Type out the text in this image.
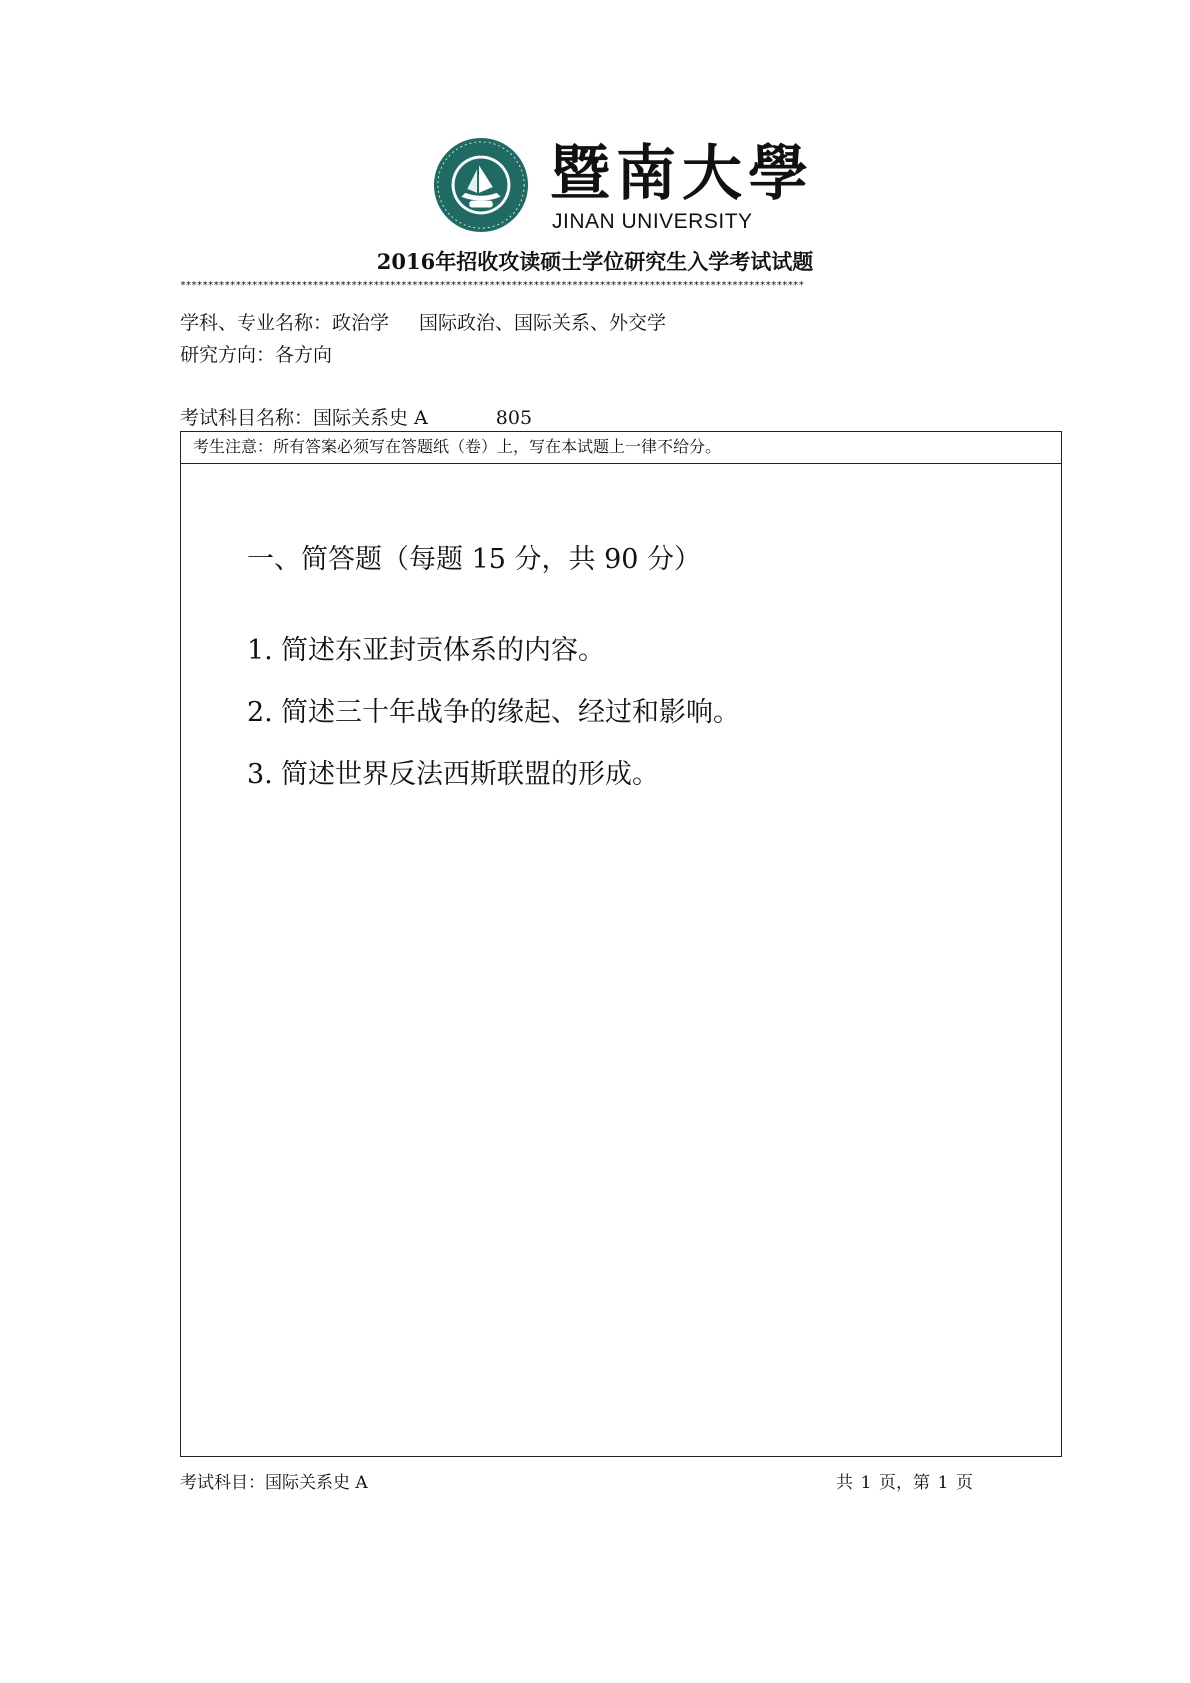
暨南大學
JINAN UNIVERSITY
2016年招收攻读硕士学位研究生入学考试试题
*****************************************************************************************************************
学科、专业名称：政治学 国际政治、国际关系、外交学
研究方向：各方向
考试科目名称：国际关系史 A	805
考生注意：所有答案必须写在答题纸（卷）上，写在本试题上一律不给分。
一、简答题（每题 15 分，共 90 分）
1. 简述东亚封贡体系的内容。
2. 简述三十年战争的缘起、经过和影响。
3. 简述世界反法西斯联盟的形成。
考试科目：国际关系史 A	共 1 页，第 1 页
